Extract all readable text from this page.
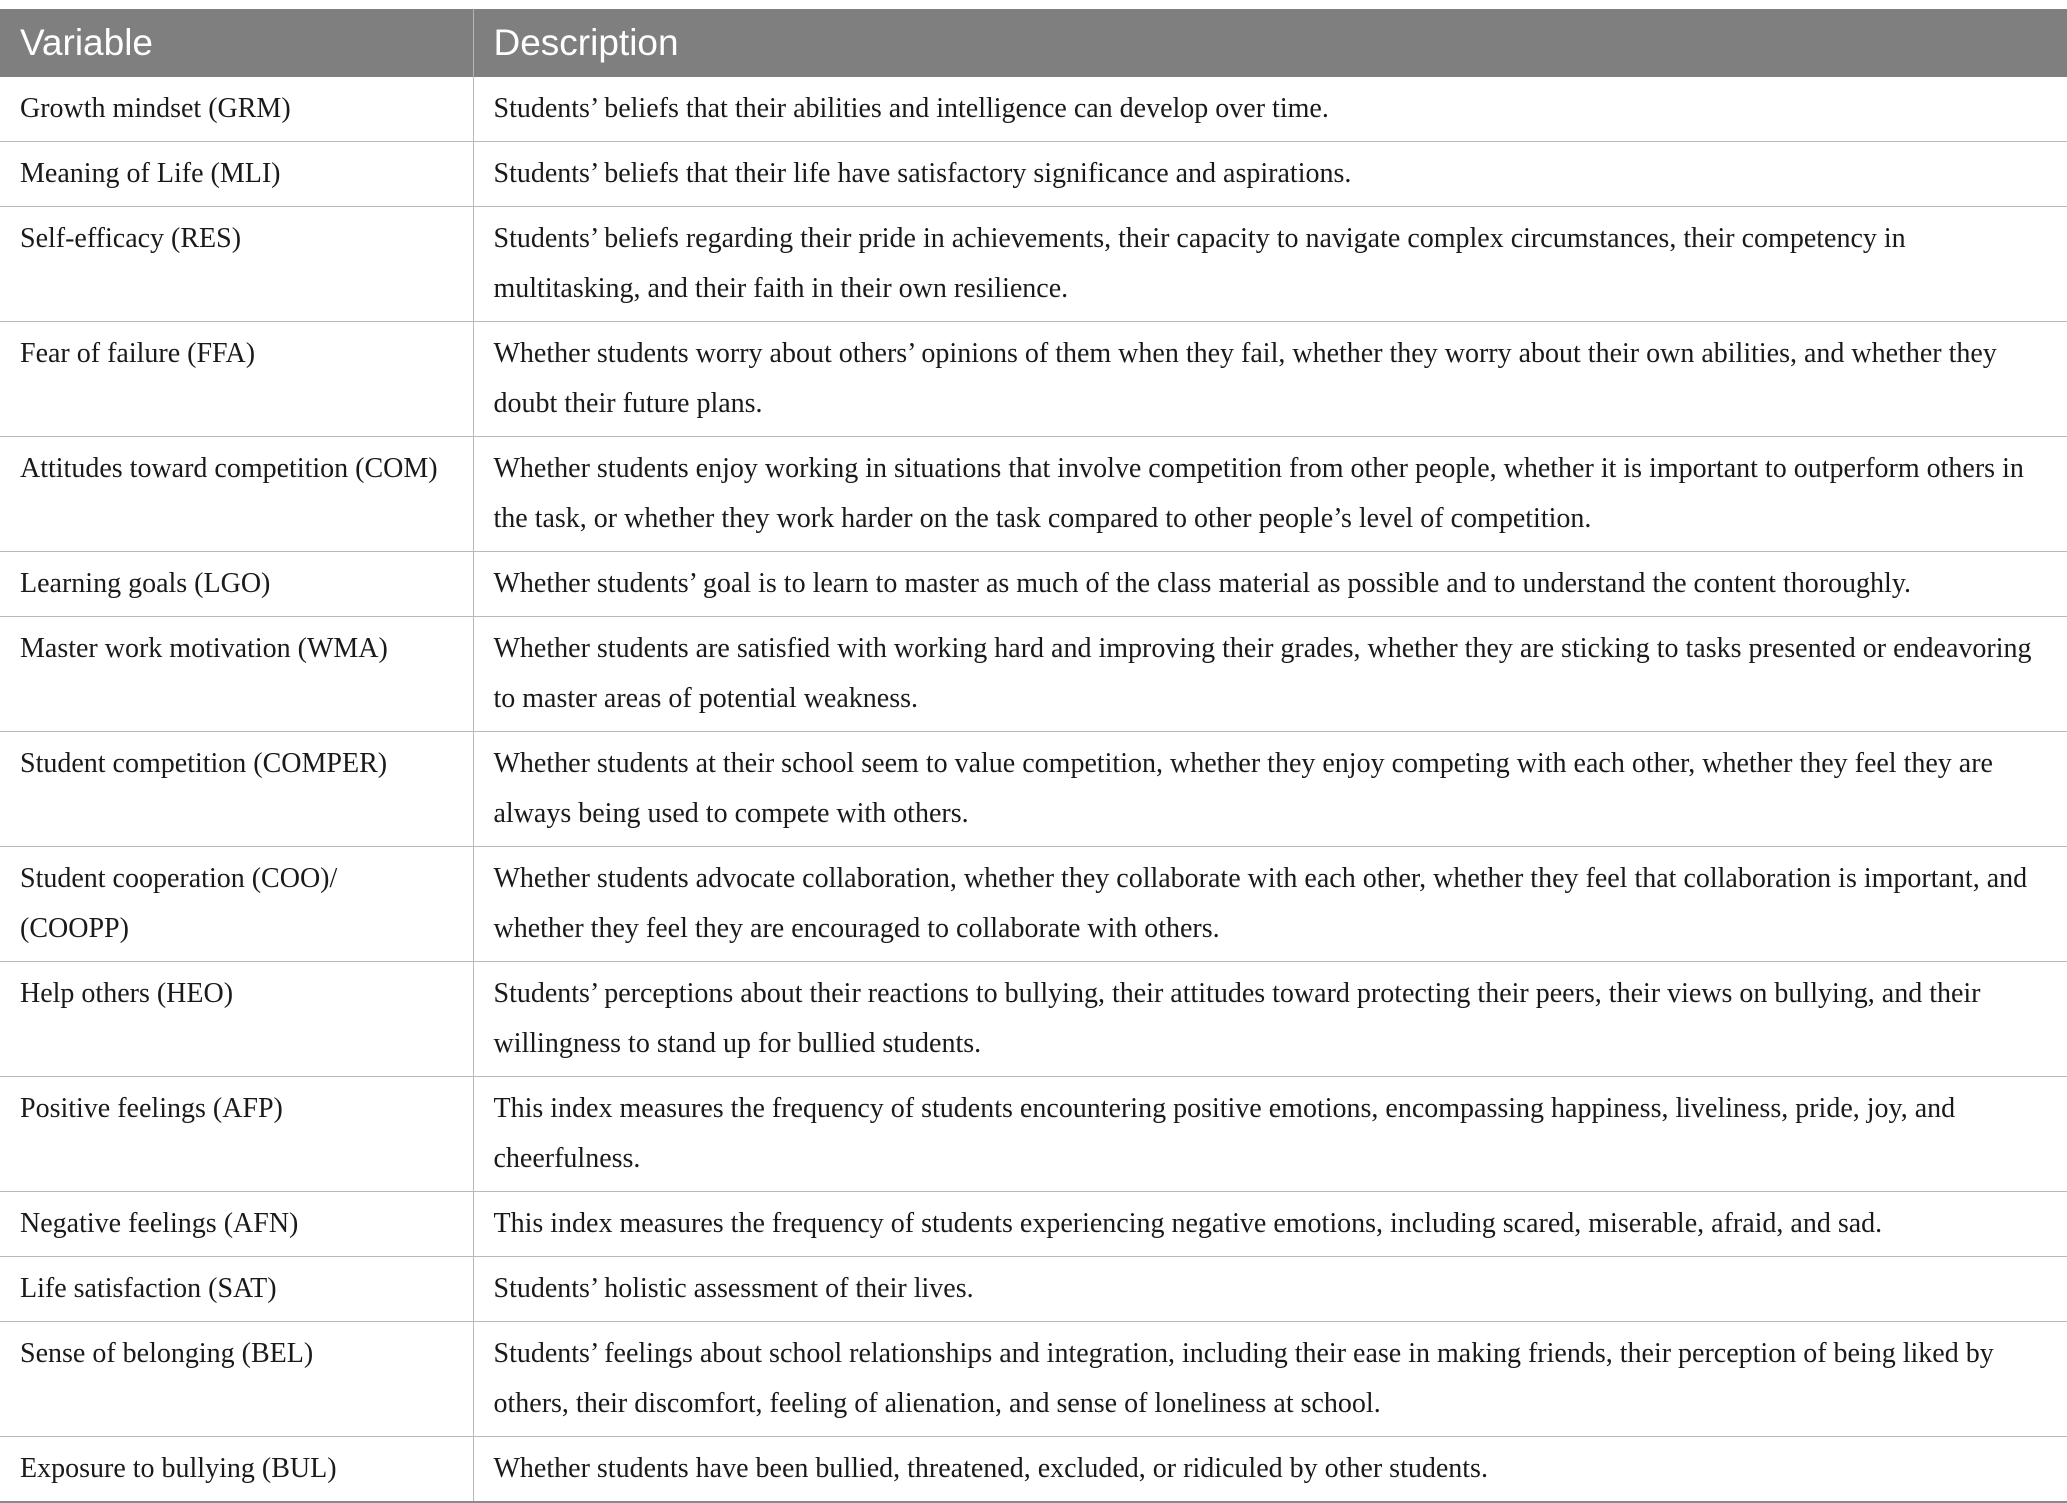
Variable	Description
Growth mindset (GRM)	Students’ beliefs that their abilities and intelligence can develop over time.
Meaning of Life (MLI)	Students’ beliefs that their life have satisfactory significance and aspirations.
Self-efficacy (RES)	Students’ beliefs regarding their pride in achievements, their capacity to navigate complex circumstances, their competency in multitasking, and their faith in their own resilience.
Fear of failure (FFA)	Whether students worry about others’ opinions of them when they fail, whether they worry about their own abilities, and whether they doubt their future plans.
Attitudes toward competition (COM)	Whether students enjoy working in situations that involve competition from other people, whether it is important to outperform others in the task, or whether they work harder on the task compared to other people’s level of competition.
Learning goals (LGO)	Whether students’ goal is to learn to master as much of the class material as possible and to understand the content thoroughly.
Master work motivation (WMA)	Whether students are satisfied with working hard and improving their grades, whether they are sticking to tasks presented or endeavoring to master areas of potential weakness.
Student competition (COMPER)	Whether students at their school seem to value competition, whether they enjoy competing with each other, whether they feel they are always being used to compete with others.
Student cooperation (COO)/ (COOPP)	Whether students advocate collaboration, whether they collaborate with each other, whether they feel that collaboration is important, and whether they feel they are encouraged to collaborate with others.
Help others (HEO)	Students’ perceptions about their reactions to bullying, their attitudes toward protecting their peers, their views on bullying, and their willingness to stand up for bullied students.
Positive feelings (AFP)	This index measures the frequency of students encountering positive emotions, encompassing happiness, liveliness, pride, joy, and cheerfulness.
Negative feelings (AFN)	This index measures the frequency of students experiencing negative emotions, including scared, miserable, afraid, and sad.
Life satisfaction (SAT)	Students’ holistic assessment of their lives.
Sense of belonging (BEL)	Students’ feelings about school relationships and integration, including their ease in making friends, their perception of being liked by others, their discomfort, feeling of alienation, and sense of loneliness at school.
Exposure to bullying (BUL)	Whether students have been bullied, threatened, excluded, or ridiculed by other students.
